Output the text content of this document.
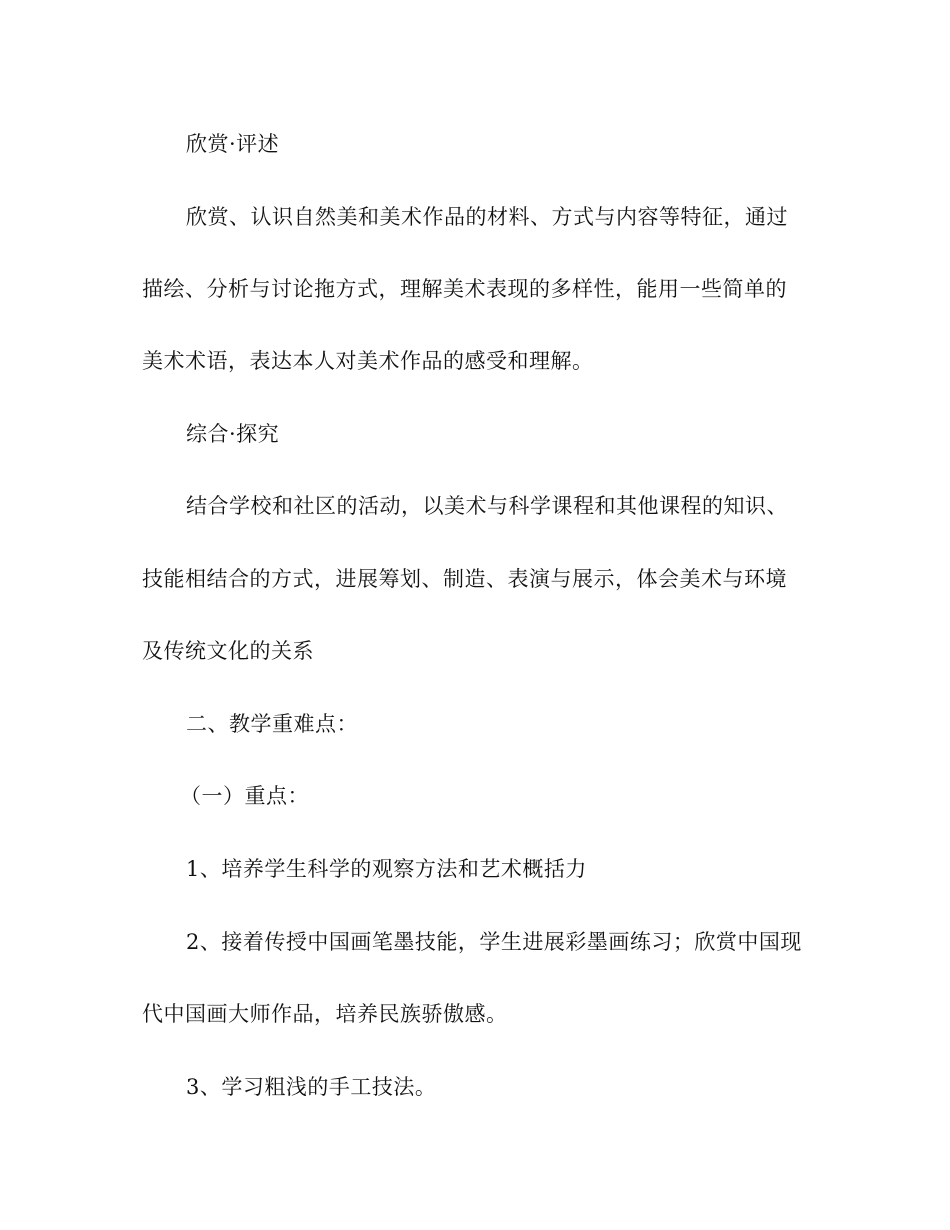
欣赏·评述
欣赏、认识自然美和美术作品的材料、方式与内容等特征，通过
描绘、分析与讨论拖方式，理解美术表现的多样性，能用一些简单的
美术术语，表达本人对美术作品的感受和理解。
综合·探究
结合学校和社区的活动，以美术与科学课程和其他课程的知识、
技能相结合的方式，进展筹划、制造、表演与展示，体会美术与环境
及传统文化的关系
二、教学重难点：
（一）重点：
1、培养学生科学的观察方法和艺术概括力
2、接着传授中国画笔墨技能，学生进展彩墨画练习；欣赏中国现
代中国画大师作品，培养民族骄傲感。
3、学习粗浅的手工技法。
